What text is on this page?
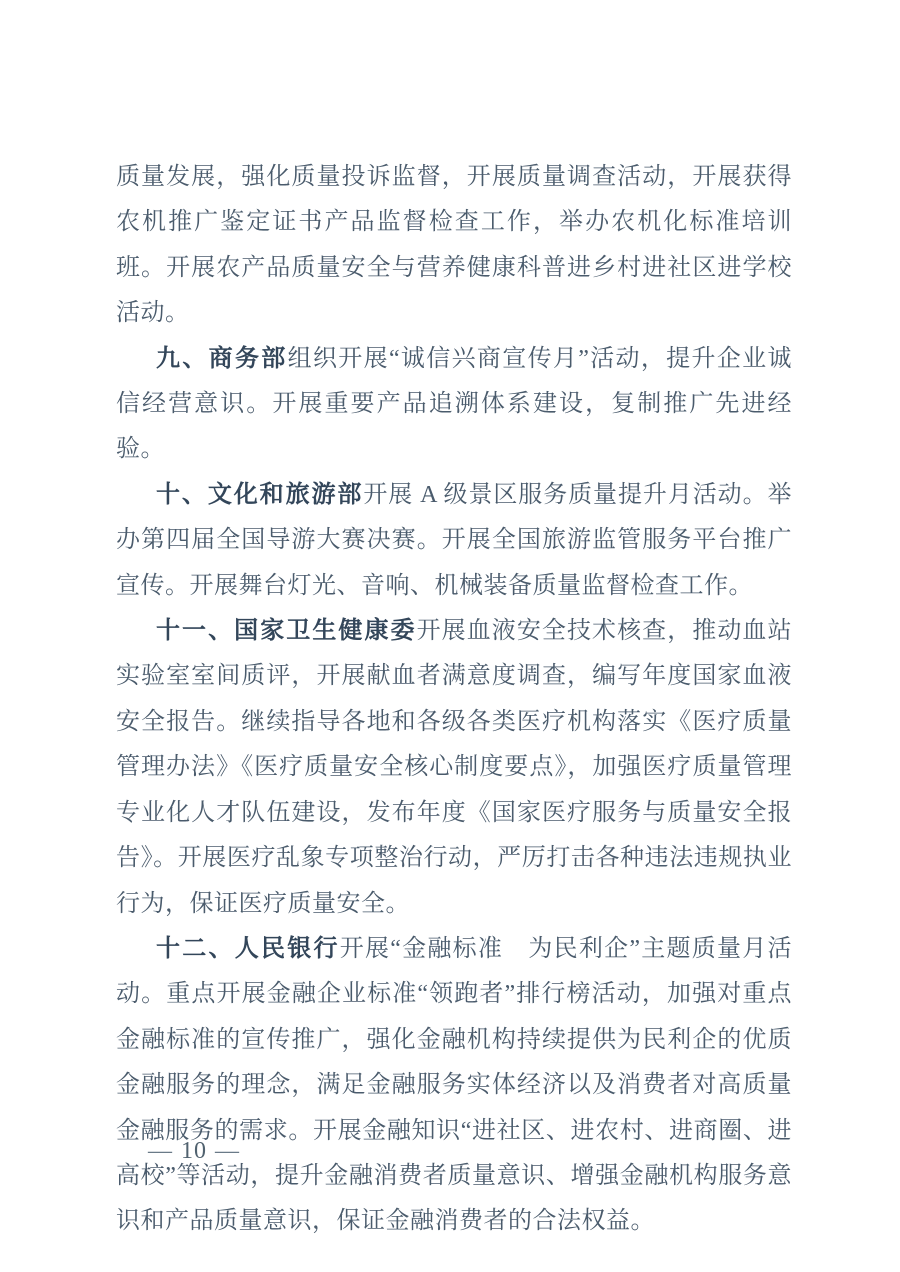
质量发展，强化质量投诉监督，开展质量调查活动，开展获得农机推广鉴定证书产品监督检查工作，举办农机化标准培训班。开展农产品质量安全与营养健康科普进乡村进社区进学校活动。

九、商务部组织开展“诚信兴商宣传月”活动，提升企业诚信经营意识。开展重要产品追溯体系建设，复制推广先进经验。

十、文化和旅游部开展 A 级景区服务质量提升月活动。举办第四届全国导游大赛决赛。开展全国旅游监管服务平台推广宣传。开展舞台灯光、音响、机械装备质量监督检查工作。

十一、国家卫生健康委开展血液安全技术核查，推动血站实验室室间质评，开展献血者满意度调查，编写年度国家血液安全报告。继续指导各地和各级各类医疗机构落实《医疗质量管理办法》《医疗质量安全核心制度要点》，加强医疗质量管理专业化人才队伍建设，发布年度《国家医疗服务与质量安全报告》。开展医疗乱象专项整治行动，严厉打击各种违法违规执业行为，保证医疗质量安全。

十二、人民银行开展“金融标准　为民利企”主题质量月活动。重点开展金融企业标准“领跑者”排行榜活动，加强对重点金融标准的宣传推广，强化金融机构持续提供为民利企的优质金融服务的理念，满足金融服务实体经济以及消费者对高质量金融服务的需求。开展金融知识“进社区、进农村、进商圈、进高校”等活动，提升金融消费者质量意识、增强金融机构服务意识和产品质量意识，保证金融消费者的合法权益。

— 10 —
